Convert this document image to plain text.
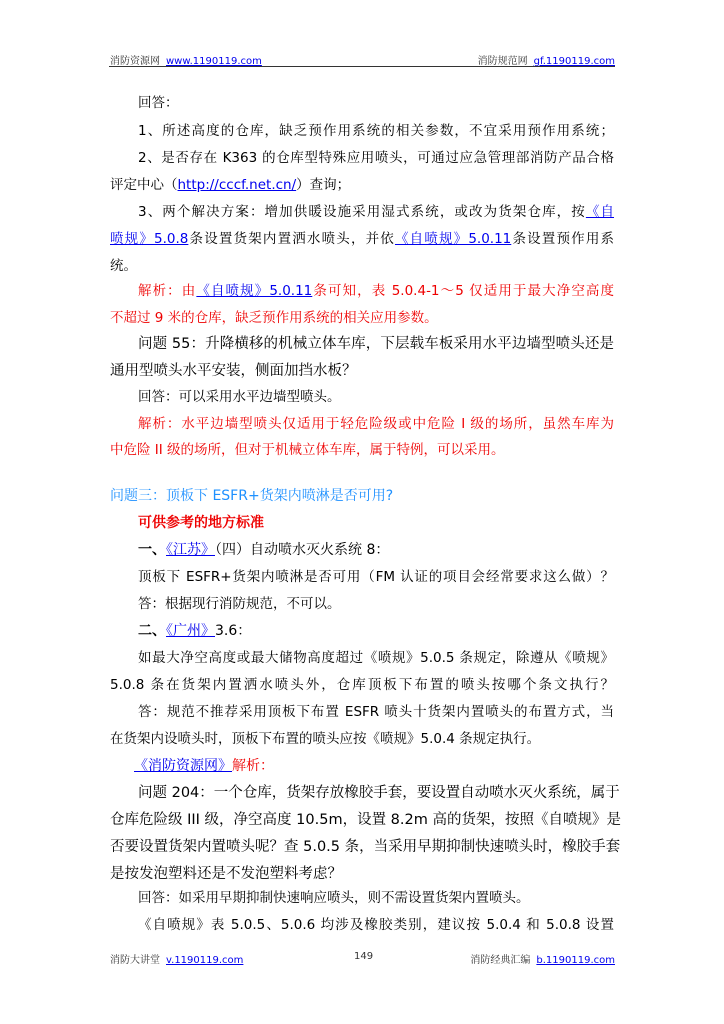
消防资源网 www.1190119.com	消防规范网 gf.1190119.com
回答：
1、所述高度的仓库，缺乏预作用系统的相关参数，不宜采用预作用系统；
2、是否存在 K363 的仓库型特殊应用喷头，可通过应急管理部消防产品合格
评定中心（http://cccf.net.cn/）查询；
3、两个解决方案：增加供暖设施采用湿式系统，或改为货架仓库，按《自
喷规》5.0.8条设置货架内置洒水喷头，并依《自喷规》5.0.11条设置预作用系
统。
解析：由《自喷规》5.0.11条可知，表 5.0.4-1～5 仅适用于最大净空高度
不超过 9 米的仓库，缺乏预作用系统的相关应用参数。
问题 55：升降横移的机械立体车库，下层载车板采用水平边墙型喷头还是
通用型喷头水平安装，侧面加挡水板？
回答：可以采用水平边墙型喷头。
解析：水平边墙型喷头仅适用于轻危险级或中危险 I 级的场所，虽然车库为
中危险 II 级的场所，但对于机械立体车库，属于特例，可以采用。
问题三：顶板下 ESFR+货架内喷淋是否可用?
可供参考的地方标准
一、《江苏》（四）自动喷水灭火系统 8：
顶板下 ESFR+货架内喷淋是否可用（FM 认证的项目会经常要求这么做）？
答：根据现行消防规范，不可以。
二、《广州》3.6：
如最大净空高度或最大储物高度超过《喷规》5.0.5 条规定，除遵从《喷规》
5.0.8 条在货架内置洒水喷头外，仓库顶板下布置的喷头按哪个条文执行？
答：规范不推荐采用顶板下布置 ESFR 喷头十货架内置喷头的布置方式，当
在货架内设喷头时，顶板下布置的喷头应按《喷规》5.0.4 条规定执行。
《消防资源网》解析：
问题 204：一个仓库，货架存放橡胶手套，要设置自动喷水灭火系统，属于
仓库危险级 III 级，净空高度 10.5m，设置 8.2m 高的货架，按照《自喷规》是
否要设置货架内置喷头呢？查 5.0.5 条，当采用早期抑制快速喷头时，橡胶手套
是按发泡塑料还是不发泡塑料考虑？
回答：如采用早期抑制快速响应喷头，则不需设置货架内置喷头。
《自喷规》表 5.0.5、5.0.6 均涉及橡胶类别，建议按 5.0.4 和 5.0.8 设置
消防大讲堂 v.1190119.com	149	消防经典汇编 b.1190119.com
